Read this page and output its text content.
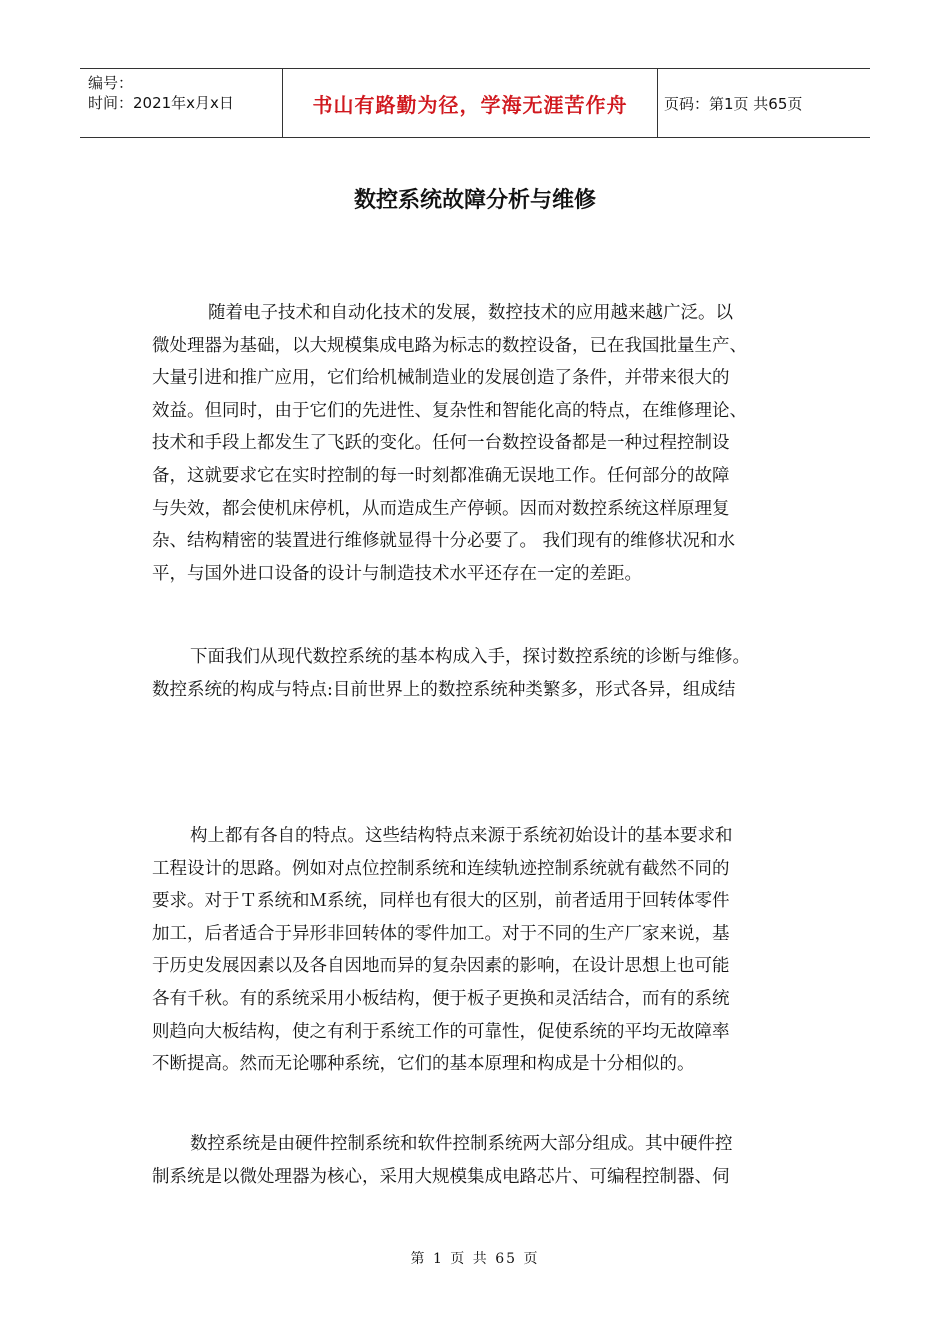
编号：
时间：2021年x月x日	书山有路勤为径，学海无涯苦作舟	页码：第1页 共65页
数控系统故障分析与维修

随着电子技术和自动化技术的发展，数控技术的应用越来越广泛。以
微处理器为基础，以大规模集成电路为标志的数控设备，已在我国批量生产、
大量引进和推广应用，它们给机械制造业的发展创造了条件，并带来很大的
效益。但同时，由于它们的先进性、复杂性和智能化高的特点，在维修理论、
技术和手段上都发生了飞跃的变化。任何一台数控设备都是一种过程控制设
备，这就要求它在实时控制的每一时刻都准确无误地工作。任何部分的故障
与失效，都会使机床停机，从而造成生产停顿。因而对数控系统这样原理复
杂、结构精密的装置进行维修就显得十分必要了。 我们现有的维修状况和水
平，与国外进口设备的设计与制造技术水平还存在一定的差距。

下面我们从现代数控系统的基本构成入手，探讨数控系统的诊断与维修。
数控系统的构成与特点:目前世界上的数控系统种类繁多，形式各异，组成结

构上都有各自的特点。这些结构特点来源于系统初始设计的基本要求和
工程设计的思路。例如对点位控制系统和连续轨迹控制系统就有截然不同的
要求。对于Ｔ系统和Ｍ系统，同样也有很大的区别，前者适用于回转体零件
加工，后者适合于异形非回转体的零件加工。对于不同的生产厂家来说，基
于历史发展因素以及各自因地而异的复杂因素的影响，在设计思想上也可能
各有千秋。有的系统采用小板结构，便于板子更换和灵活结合，而有的系统
则趋向大板结构，使之有利于系统工作的可靠性，促使系统的平均无故障率
不断提高。然而无论哪种系统，它们的基本原理和构成是十分相似的。

数控系统是由硬件控制系统和软件控制系统两大部分组成。其中硬件控
制系统是以微处理器为核心，采用大规模集成电路芯片、可编程控制器、伺

第 1 页 共 65 页
